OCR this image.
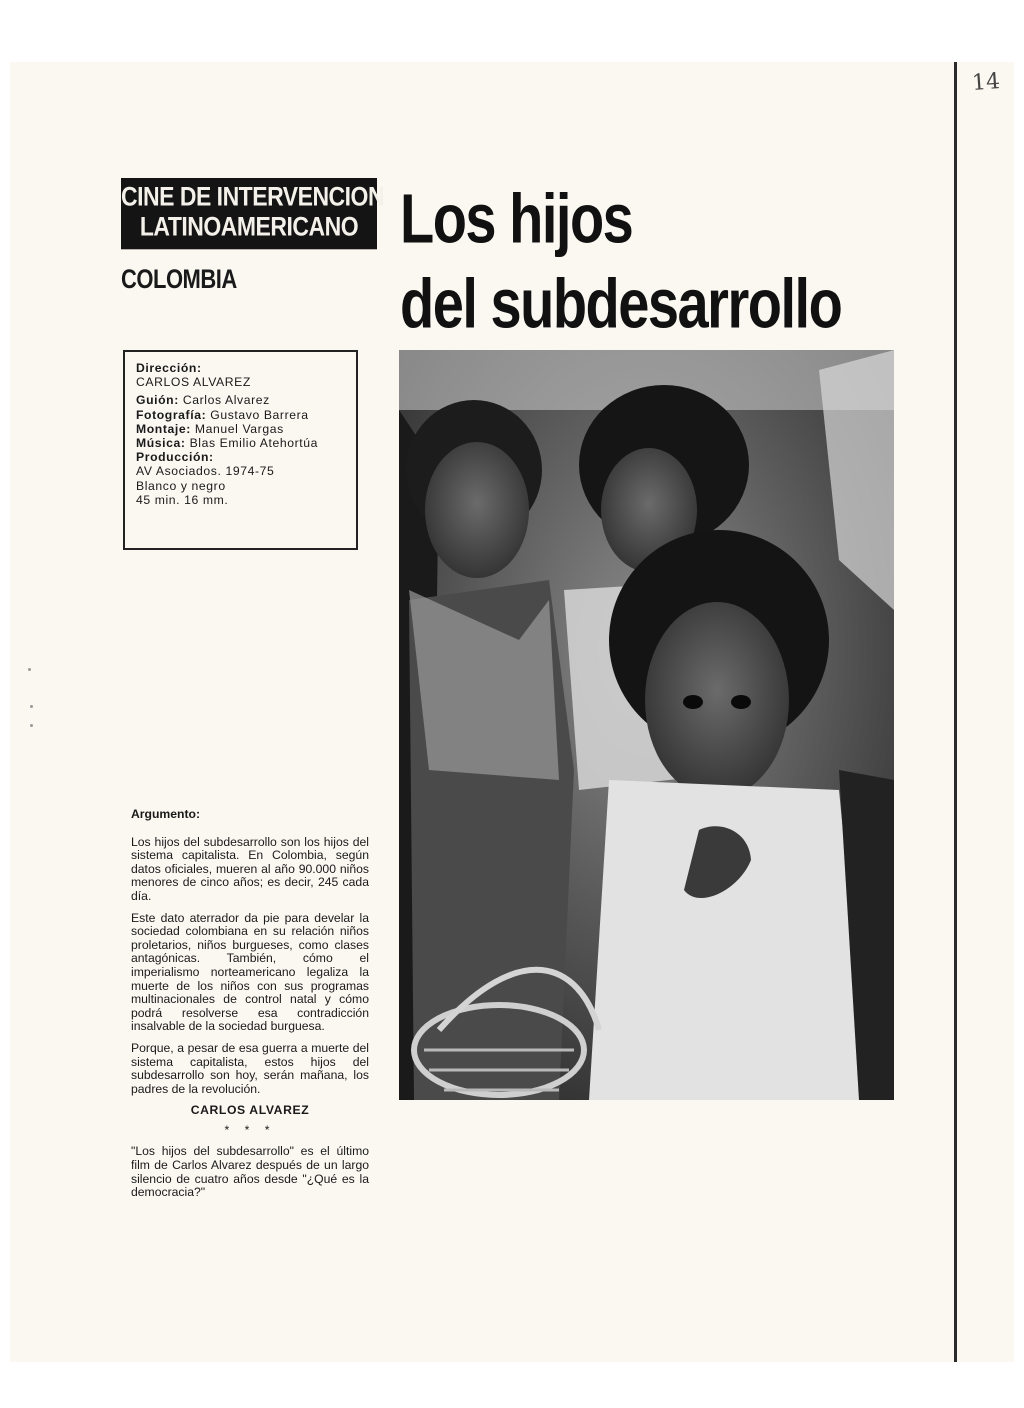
14
CINE DE INTERVENCION
LATINOAMERICANO
COLOMBIA
Los hijos
del subdesarrollo
Dirección:
CARLOS ALVAREZ
Guión: Carlos Alvarez
Fotografía: Gustavo Barrera
Montaje: Manuel Vargas
Música: Blas Emilio Atehortúa
Producción:
AV Asociados. 1974-75
Blanco y negro
45 min. 16 mm.
Argumento:

Los hijos del subdesarrollo son los hijos del sistema capitalista. En Colombia, según datos oficiales, mueren al año 90.000 niños menores de cinco años; es decir, 245 cada día.

Este dato aterrador da pie para develar la sociedad colombiana en su relación niños proletarios, niños burgueses, como clases antagónicas. También, cómo el imperialismo norteamericano legaliza la muerte de los niños con sus programas multinacionales de control natal y cómo podrá resolverse esa contradicción insalvable de la sociedad burguesa.

Porque, a pesar de esa guerra a muerte del sistema capitalista, estos hijos del subdesarrollo son hoy, serán mañana, los padres de la revolución.

CARLOS ALVAREZ
* * *

"Los hijos del subdesarrollo" es el último film de Carlos Alvarez después de un largo silencio de cuatro años desde "¿Qué es la democracia?"
